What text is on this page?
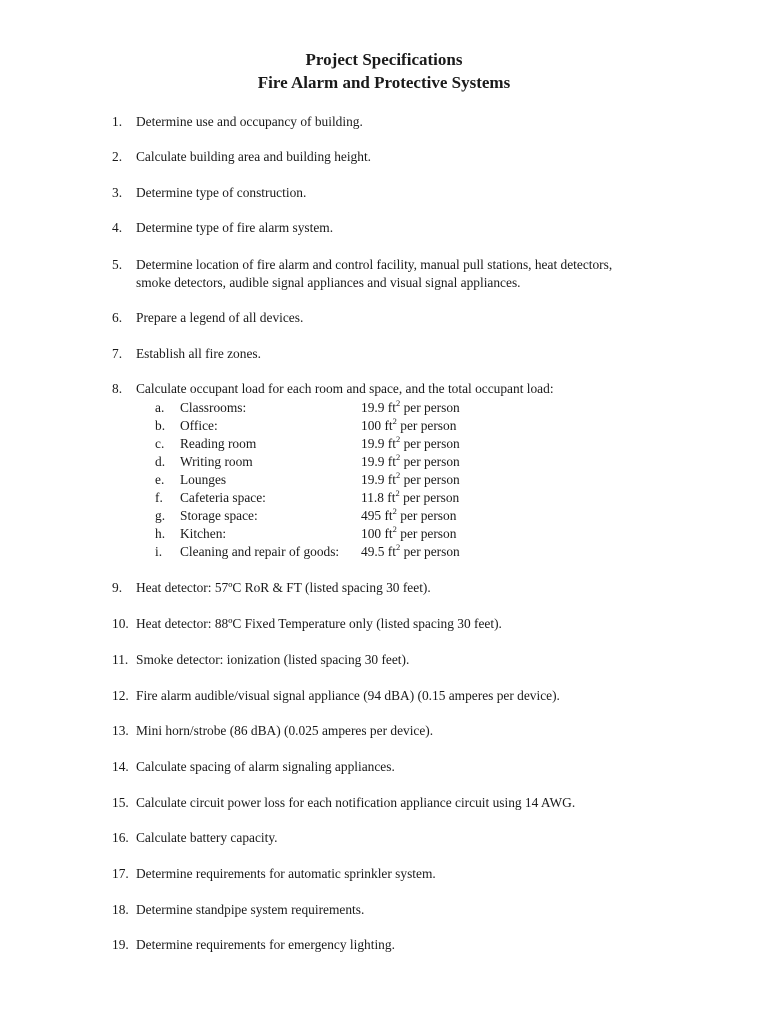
Project Specifications
Fire Alarm and Protective Systems
1.	Determine use and occupancy of building.
2.	Calculate building area and building height.
3.	Determine type of construction.
4.	Determine type of fire alarm system.
5.	Determine location of fire alarm and control facility, manual pull stations, heat detectors,
smoke detectors, audible signal appliances and visual signal appliances.
6.	Prepare a legend of all devices.
7.	Establish all fire zones.
8.	Calculate occupant load for each room and space, and the total occupant load:
a.	Classrooms:	19.9 $ft^2$ per person
b.	Office:	100 $ft^2$ per person
c.	Reading room	19.9 $ft^2$ per person
d.	Writing room	19.9 $ft^2$ per person
e.	Lounges	19.9 $ft^2$ per person
f.	Cafeteria space:	11.8 $ft^2$ per person
g.	Storage space:	495 $ft^2$ per person
h.	Kitchen:	100 $ft^2$ per person
i.	Cleaning and repair of goods: 49.5 $ft^2$ per person
9.	Heat detector: 57ºC RoR & FT (listed spacing 30 feet).
10. Heat detector: 88ºC Fixed Temperature only (listed spacing 30 feet).
11. Smoke detector: ionization (listed spacing 30 feet).
12. Fire alarm audible/visual signal appliance (94 dBA) (0.15 amperes per device).
13. Mini horn/strobe (86 dBA) (0.025 amperes per device).
14. Calculate spacing of alarm signaling appliances.
15. Calculate circuit power loss for each notification appliance circuit using 14 AWG.
16. Calculate battery capacity.
17. Determine requirements for automatic sprinkler system.
18. Determine standpipe system requirements.
19. Determine requirements for emergency lighting.
